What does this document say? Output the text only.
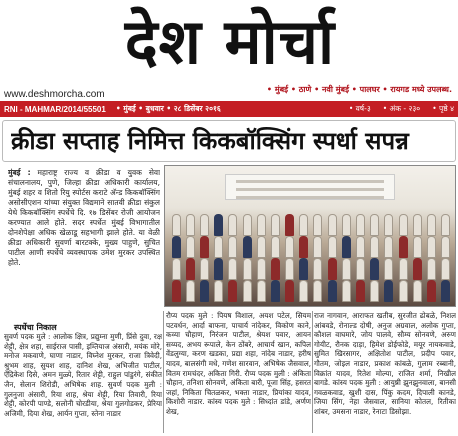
देश मोर्चा
www.deshmorcha.com	• मुंबई • ठाणे • नवी मुंबई • पालघर • रायगड मध्ये उपलब्ध.
RNI - MAHMAR/2014/55501 • मुंबई • बुधवार • २८ डिसेंबर २०१६	• वर्ष-३ • अंक - २३० • पृष्ठे ४
क्रीडा सप्ताह निमित्त किकबॉक्सिंग स्पर्धा सपन्न
मुंबई : महाराष्ट्र राज्य व क्रीडा व युवक सेवा संचालनालय, पुणे, जिल्हा क्रीडा अधिकारी कार्यालय, मुंबई शहर व शितो रियु स्पोर्टस कराटे अ‍ॅन्ड किकबॉक्सिंग असोसीएशन यांच्या संयुक्त विद्यमाने सातवी क्रीडा संकुल येथे किकबॉक्सिंग स्पर्धेचे दि. १७ डिसेंबर रोजी आयोजन करण्यात आले होते. सदर स्पर्धेत मुंबई विभागातील दोनशेपेक्षा अधिक खेळाडू सहभागी झाले होते. या वेळी क्रीडा अधिकारी सुवर्णा बारटक्के, मुख्य पाहुणे, सुचित पाटील आणी स्पर्धेचे व्यवस्थापक उमेश मुरकर उपस्थित होते.
स्पर्धेचा निकाल
सुवर्ण पदक मुले : आलोक क्षित्र, प्रद्युम्ना मुणी, प्रिंसे दुवा, रक्ष शेट्टी, क्षेत्र शहा, साईराज पासी, इम्तियाज अंसारी, मयंक मोरे, मनोज मकवाणे, घाणा नाडार, विघ्नेश मुरकर, राजा त्रिवेदी, श्रुभम शाह, सुयश शाह, दानिश शेख, अभिजीत पाटील, ऐंद्रिकेश दिसे, अमन मुळ्ये, रितार शेट्टी, राहुल पांडुरंगे, संकीत जैन, सेलान शिरोडी, अभिषेक शाह. सुवर्ण पदक मुली : गुलनुजा अंसारी, रिया शाह, श्रेया शेट्टी, रिया तिवारी, रिया शेट्टी, कोरपी पाण्डे, सलोनी चोरडीया, श्रेया गुलगोडकर, प्रेरिया अजिमी, दिया शेख, आर्यन गुप्ता, स्तेना नाडार
रौप्य पदक मुले : पियष विशाल, अयश पटेल, सियम पटवर्धन, आर्दा बाफना, पाचार्य नांदेकर, विकोण काने, कव्या चौहाण, निरंजन पाटील, श्रेयश पवार, आयन सय्यद, अभय रूपाले, केन ठोंबरे, आचार्य खान, कपिल वेंडलुग्या, करण खडका, प्रद्या शहा, नांदेब नाडार, हरीष यादव, बालसंगी मधे, गणेश सारवान, अभिषेक जैसवाल, वितम रामचंदर, अकिता गिरी. रौप्य पदक मुली : अंकिता चौहान, तनिशा सोनवणे, अंकिता बारी, पूजा सिंह, हसरत जहां, निकिता चितळकर, भक्ता नाडार, प्रियांका यादव, किशोरी नाडार. कांस्य पदक मुले : सिध्दांत डांडे, अर्णण शेख,
राज नागवान, आराफत खतीब, सुरजीत ढोबळे, निशल आंबवडे, रोनाल्ड दोषी, अनुज अग्रवाल, अलोक गुप्ता, कौशल वाघमारे, जोय पालवे, सौम्य सोनवणे, अरुण गोयीट, रौनक दाड़ा, हिमेश डोईफोडे, मयूर नायकवाडे, सुमित खिरसागर, अक्षितोश पाटील, प्रदीप पवार, गौतम, जोइल नाडार, प्रकाश कांबळे, गुलाम रब्बानी, विक्रांत यादव, रितेश मोल्या, राजित शर्मा, निखील बागडे. कांस्य पदक मुली : आयुष्री झुनझुनवाला, बानसी गवळकवाड, खुशी दास, पिंकु कदम, दिपाली कानडे, जिया सिंग, नेहा जैसवाल, सानिया कोतल, रितीका शांबर, उमसना नाडार, रेनाटा डिसोझा.
